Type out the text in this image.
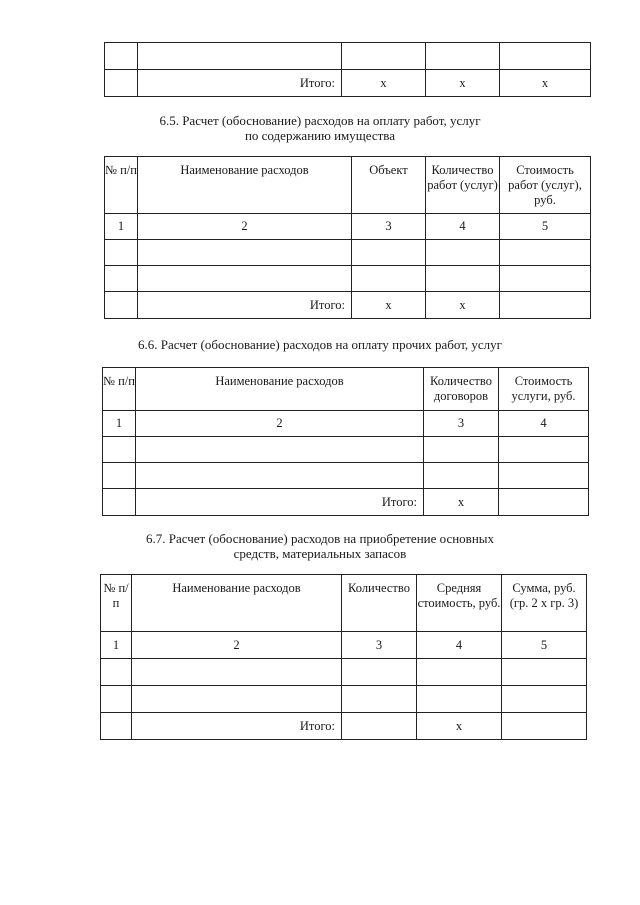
	Итого:	х	х	х
6.5. Расчет (обоснование) расходов на оплату работ, услуг
по содержанию имущества
№ п/п	Наименование расходов	Объект	Количество работ (услуг)	Стоимость работ (услуг), руб.
1	2	3	4	5

	Итого:	х	х	
6.6. Расчет (обоснование) расходов на оплату прочих работ, услуг
№ п/п	Наименование расходов	Количество договоров	Стоимость услуги, руб.
1	2	3	4

	Итого:	х	
6.7. Расчет (обоснование) расходов на приобретение основных
средств, материальных запасов
№ п/п	Наименование расходов	Количество	Средняя стоимость, руб.	Сумма, руб. (гр. 2 х гр. 3)
1	2	3	4	5

	Итого:		х	
